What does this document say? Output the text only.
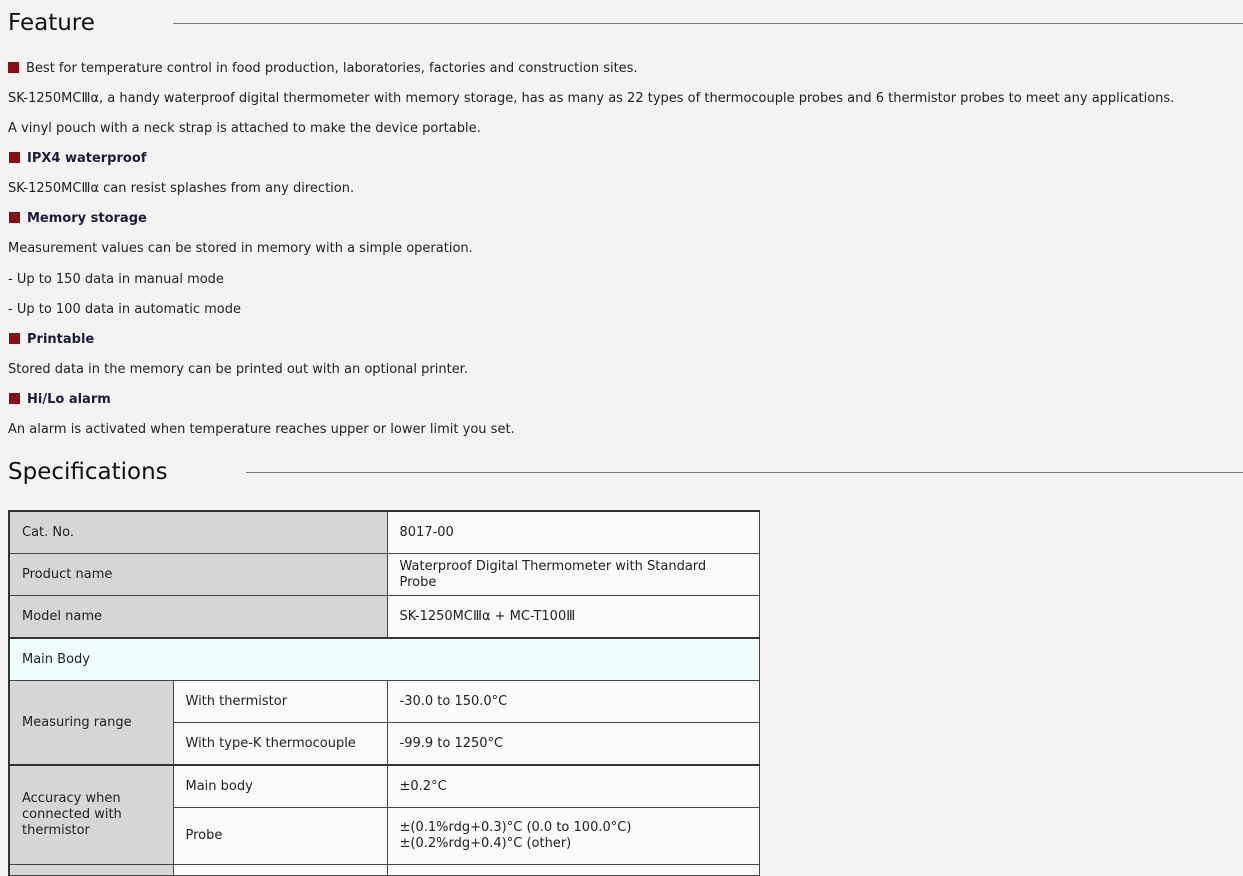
Feature
Best for temperature control in food production, laboratories, factories and construction sites.
SK-1250MCⅢα, a handy waterproof digital thermometer with memory storage, has as many as 22 types of thermocouple probes and 6 thermistor probes to meet any applications.
A vinyl pouch with a neck strap is attached to make the device portable.
IPX4 waterproof
SK-1250MCⅢα can resist splashes from any direction.
Memory storage
Measurement values can be stored in memory with a simple operation.
- Up to 150 data in manual mode
- Up to 100 data in automatic mode
Printable
Stored data in the memory can be printed out with an optional printer.
Hi/Lo alarm
An alarm is activated when temperature reaches upper or lower limit you set.
Specifications
Cat. No.		8017-00
Product name		Waterproof Digital Thermometer with Standard Probe
Model name		SK-1250MCⅢα + MC-T100Ⅲ
Main Body		
Measuring range	With thermistor	-30.0 to 150.0°C
	With type-K thermocouple	-99.9 to 1250°C
Accuracy when connected with thermistor	Main body	±0.2°C
	Probe	±(0.1%rdg+0.3)°C (0.0 to 100.0°C)
±(0.2%rdg+0.4)°C (other)
